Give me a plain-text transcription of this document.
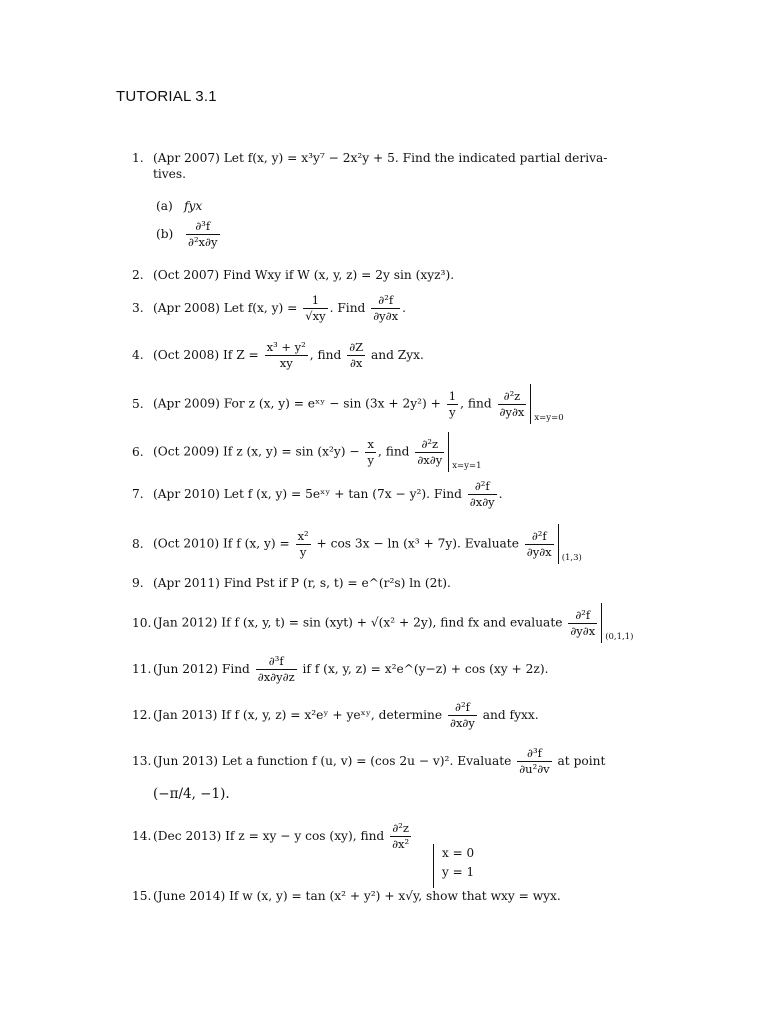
TUTORIAL 3.1
1. (Apr 2007) Let f(x, y) = x³y⁷ − 2x²y + 5. Find the indicated partial deriva-
tives.
(a) fyx
$(b) \frac{\text{∂³f}}{\text{∂²x∂y}}$
2. (Oct 2007) Find Wxy if W (x, y, z) = 2y sin (xyz³).
3. (Apr 2008) Let f(x, $y) = \frac{1}{√xy}$ . Find $\frac{\text{∂²f}}{\partial y\partial x}$ .
4. (Oct 2008) If $Z = \frac{\text{x³ + y²}}{xy}$ , find $\frac{\partial Z}{\partial x}$ and Zyx.
5. (Apr 2009) For z (x, y) = eˣʸ − $\sin (3x + 2y^2) + \frac{1}{y}$ , find $\frac{\text{∂²z}}{\partial y\partial x} x=y=0$
6. (Oct 2009) If z (x, $y) = \sin (x^2y) - \frac{x}{y}$ , find $\frac{\text{∂²z}}{\partial x\partial y} x=y=1$
7. (Apr 2010) Let f (x, y) = 5eˣʸ + tan (7x − y²). Find $\frac{\text{∂²f}}{\partial x\partial y}$ .
8. (Oct 2010) If f (x, $y) = \frac{\text{x²}}{y} + \cos 3x - \ln (x^3 + 7y)$. Evaluate $\frac{\text{∂²f}}{\partial y\partial x} (1,3)$
9. (Apr 2011) Find Pst if P (r, s, t) = e^(r²s) ln (2t).
10. (Jan 2012) If f (x, y, t) = sin (xyt) + √(x² + 2y), find fx and evaluate $\frac{\text{∂²f}}{\partial y\partial x} (0,1,1)$
11. (Jun 2012) Find $\frac{\text{∂³f}}{\partial x\partial y\partial z}$ if f (x, y, z) = x²e^(y−z) + cos (xy + 2z).
12. (Jan 2013) If f (x, y, z) = x²eʸ + yeˣʸ, determine $\frac{\text{∂²f}}{\partial x\partial y}$ and fyxx.
13. (Jun 2013) Let a function f (u, v) = (cos 2u − v)². Evaluate $\frac{\text{∂³f}}{\text{∂u²∂v}}$ at point
(−π/4, −1).
14. (Dec 2013) If z = xy − y cos (xy), find $\frac{\text{∂²z}}{\text{∂x²}}$
x = 0
y = 1
15. (June 2014) If w (x, y) = tan (x² + y²) + x√y, show that wxy = wyx.
